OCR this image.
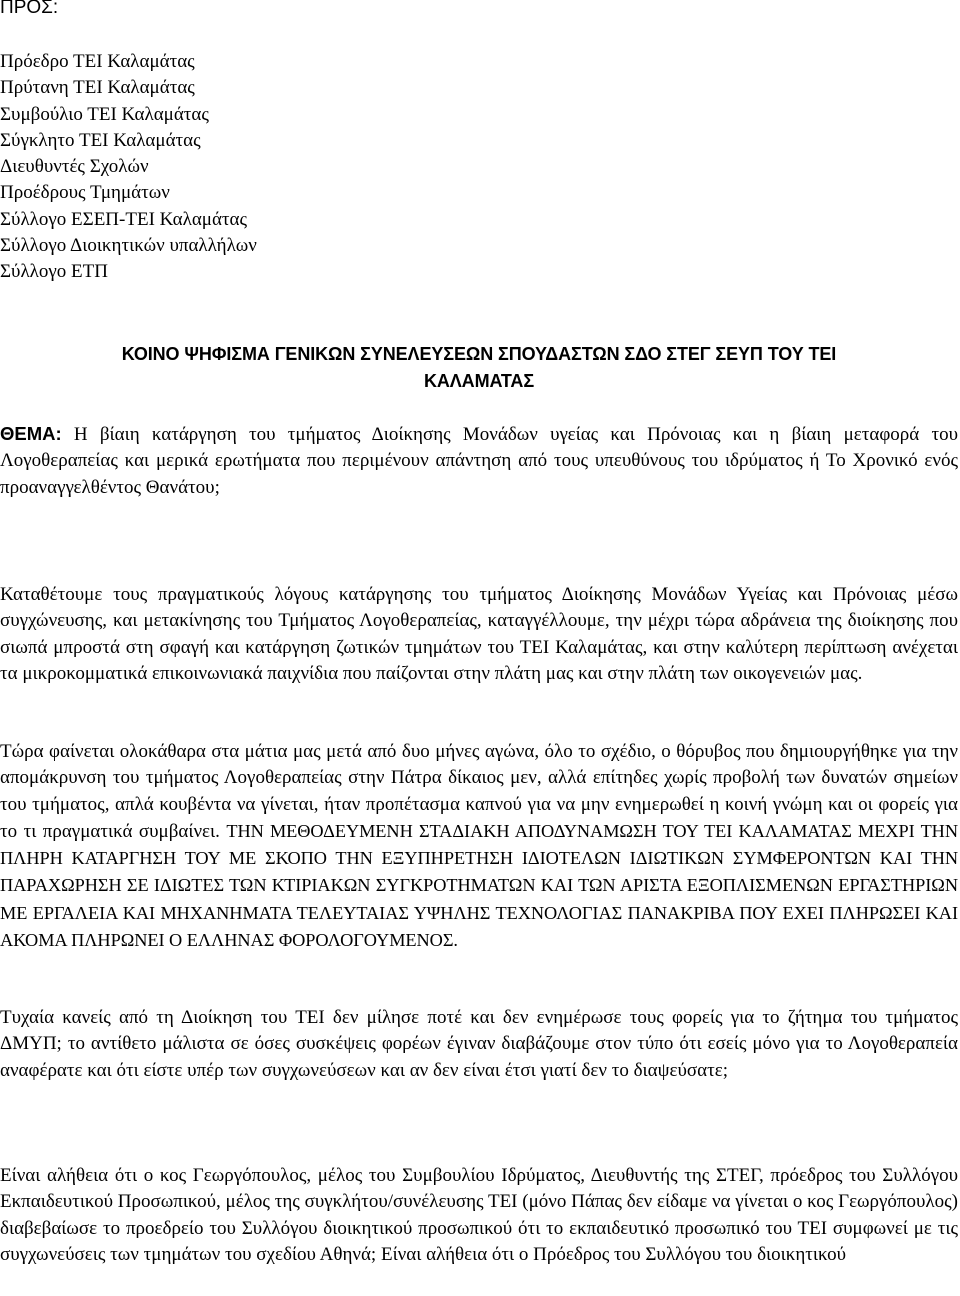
ΠΡΟΣ:
Πρόεδρο ΤΕΙ Καλαμάτας
Πρύτανη ΤΕΙ Καλαμάτας
Συμβούλιο ΤΕΙ Καλαμάτας
Σύγκλητο ΤΕΙ Καλαμάτας
Διευθυντές Σχολών
Προέδρους Τμημάτων
Σύλλογο ΕΣΕΠ-ΤΕΙ Καλαμάτας
Σύλλογο Διοικητικών υπαλλήλων
Σύλλογο ΕΤΠ
ΚΟΙΝΟ ΨΗΦΙΣΜΑ ΓΕΝΙΚΩΝ ΣΥΝΕΛΕΥΣΕΩΝ ΣΠΟΥΔΑΣΤΩΝ ΣΔΟ ΣΤΕΓ ΣΕΥΠ ΤΟΥ ΤΕΙ
ΚΑΛΑΜΑΤΑΣ

ΘΕΜΑ: Η βίαιη κατάργηση του τμήματος Διοίκησης Μονάδων υγείας και Πρόνοιας και η βίαιη μεταφορά του Λογοθεραπείας και μερικά ερωτήματα που περιμένουν απάντηση από τους υπευθύνους του ιδρύματος ή Το Χρονικό ενός προαναγγελθέντος Θανάτου;

Καταθέτουμε τους πραγματικούς λόγους κατάργησης του τμήματος Διοίκησης Μονάδων Υγείας και Πρόνοιας μέσω συγχώνευσης, και μετακίνησης του Τμήματος Λογοθεραπείας, καταγγέλλουμε, την μέχρι τώρα αδράνεια της διοίκησης που σιωπά μπροστά στη σφαγή και κατάργηση ζωτικών τμημάτων του ΤΕΙ Καλαμάτας, και στην καλύτερη περίπτωση ανέχεται τα μικροκομματικά επικοινωνιακά παιχνίδια που παίζονται στην πλάτη μας και στην πλάτη των οικογενειών μας.

Τώρα φαίνεται ολοκάθαρα στα μάτια μας μετά από δυο μήνες αγώνα, όλο το σχέδιο, ο θόρυβος που δημιουργήθηκε για την απομάκρυνση του τμήματος Λογοθεραπείας στην Πάτρα δίκαιος μεν, αλλά επίτηδες χωρίς προβολή των δυνατών σημείων του τμήματος, απλά κουβέντα να γίνεται, ήταν προπέτασμα καπνού για να μην ενημερωθεί η κοινή γνώμη και οι φορείς για το τι πραγματικά συμβαίνει. ΤΗΝ ΜΕΘΟΔΕΥΜΕΝΗ ΣΤΑΔΙΑΚΗ ΑΠΟΔΥΝΑΜΩΣΗ ΤΟΥ ΤΕΙ ΚΑΛΑΜΑΤΑΣ ΜΕΧΡΙ ΤΗΝ ΠΛΗΡΗ ΚΑΤΑΡΓΗΣΗ ΤΟΥ ΜΕ ΣΚΟΠΟ ΤΗΝ ΕΞΥΠΗΡΕΤΗΣΗ ΙΔΙΟΤΕΛΩΝ ΙΔΙΩΤΙΚΩΝ ΣΥΜΦΕΡΟΝΤΩΝ ΚΑΙ ΤΗΝ ΠΑΡΑΧΩΡΗΣΗ ΣΕ ΙΔΙΩΤΕΣ ΤΩΝ ΚΤΙΡΙΑΚΩΝ ΣΥΓΚΡΟΤΗΜΑΤΩΝ ΚΑΙ ΤΩΝ ΑΡΙΣΤΑ ΕΞΟΠΛΙΣΜΕΝΩΝ ΕΡΓΑΣΤΗΡΙΩΝ ΜΕ ΕΡΓΑΛΕΙΑ ΚΑΙ ΜΗΧΑΝΗΜΑΤΑ ΤΕΛΕΥΤΑΙΑΣ ΥΨΗΛΗΣ ΤΕΧΝΟΛΟΓΙΑΣ ΠΑΝΑΚΡΙΒΑ ΠΟΥ ΕΧΕΙ ΠΛΗΡΩΣΕΙ ΚΑΙ ΑΚΟΜΑ ΠΛΗΡΩΝΕΙ Ο ΕΛΛΗΝΑΣ ΦΟΡΟΛΟΓΟΥΜΕΝΟΣ.

Τυχαία κανείς από τη Διοίκηση του ΤΕΙ δεν μίλησε ποτέ και δεν ενημέρωσε τους φορείς για το ζήτημα του τμήματος ΔΜΥΠ; το αντίθετο μάλιστα σε όσες συσκέψεις φορέων έγιναν διαβάζουμε στον τύπο ότι εσείς μόνο για το Λογοθεραπεία αναφέρατε και ότι είστε υπέρ των συγχωνεύσεων και αν δεν είναι έτσι γιατί δεν το διαψεύσατε;

Είναι αλήθεια ότι ο κος Γεωργόπουλος, μέλος του Συμβουλίου Ιδρύματος, Διευθυντής της ΣΤΕΓ, πρόεδρος του Συλλόγου Εκπαιδευτικού Προσωπικού, μέλος της συγκλήτου/συνέλευσης ΤΕΙ (μόνο Πάπας δεν είδαμε να γίνεται ο κος Γεωργόπουλος) διαβεβαίωσε το προεδρείο του Συλλόγου διοικητικού προσωπικού ότι το εκπαιδευτικό προσωπικό του ΤΕΙ συμφωνεί με τις συγχωνεύσεις των τμημάτων του σχεδίου Αθηνά; Είναι αλήθεια ότι ο Πρόεδρος του Συλλόγου του διοικητικού
